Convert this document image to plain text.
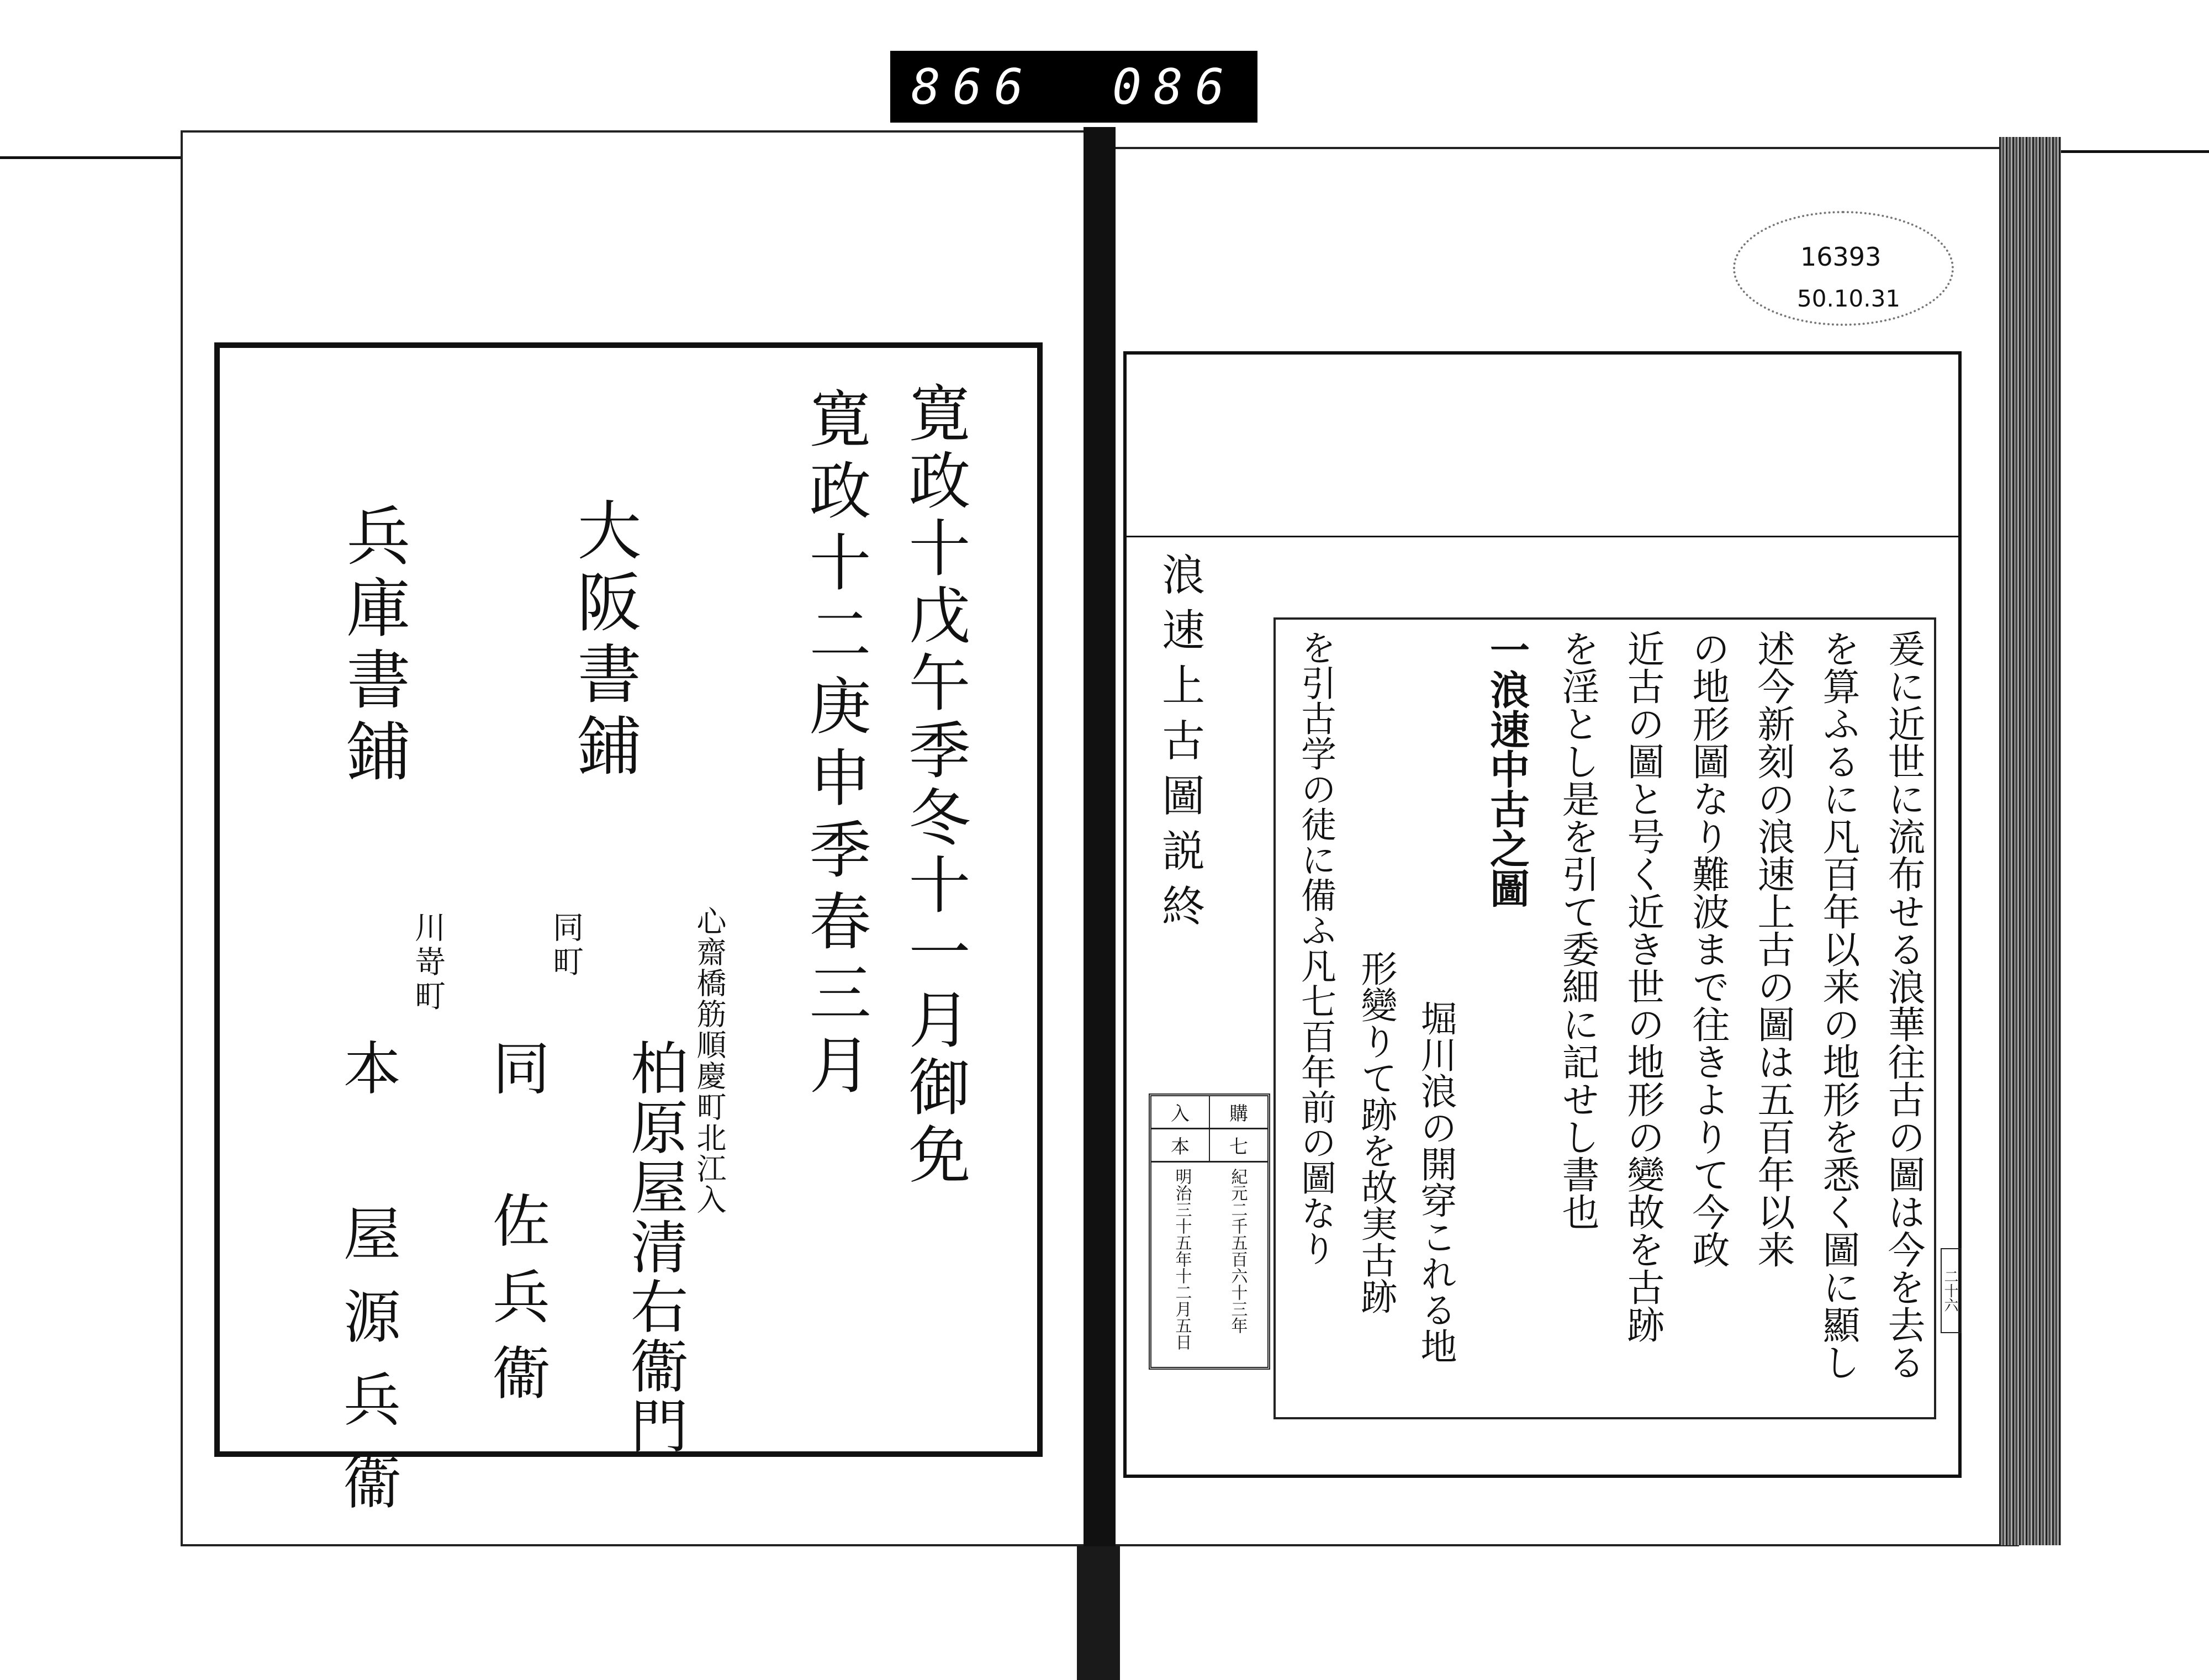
866 086
16393
50.10.31
寛政十戊午季冬十一月御免
寛政十二庚申季春三月
大阪書鋪
兵庫書鋪
心齋橋筋順慶町北江入
柏原屋清右衞門
同町
同　佐兵衞
川嵜町
本　屋源兵衞
浪速上古圖説終	爰に近世に流布せる浪華往古の圖は今を去る
を算ふるに凡百年以来の地形を悉く圖に顯し
述今新刻の浪速上古の圖は五百年以来
の地形圖なり難波まで往きよりて今政
近古の圖と号く近き世の地形の變故を古跡
を淫とし是を引て委細に記せし書也
一浪速中古之圖
堀川浪の開穿これる地
形變りて跡を故実古跡
を引古学の徒に備ふ凡七百年前の圖なり
入	購
本	七
明治三十五年十二月五日 紀元二千五百六十三年	二十六
